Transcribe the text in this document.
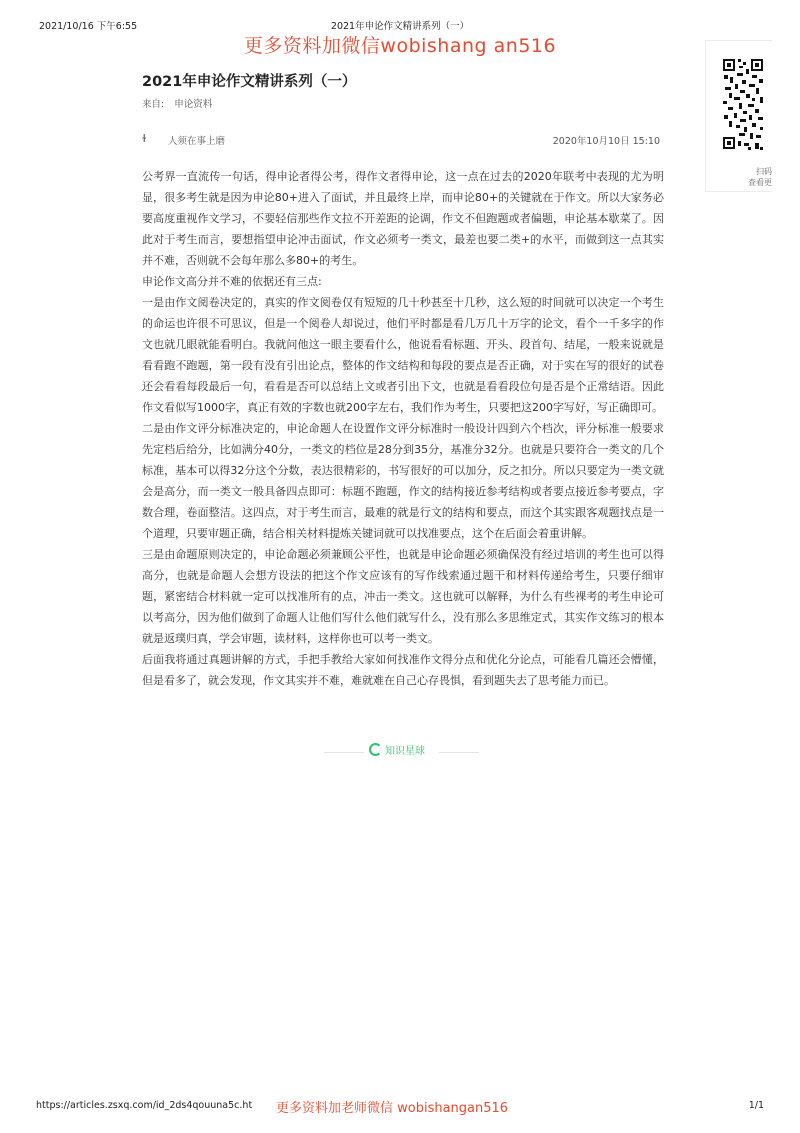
2021/10/16 下午6:55	2021年申论作文精讲系列（一）
更多资料加微信wobishang an516
扫码
查看更
2021年申论作文精讲系列（一）
来自: 申论资料
ɫ	人须在事上磨	2020年10月10日 15:10

公考界一直流传一句话，得申论者得公考，得作文者得申论，这一点在过去的2020年联考中表现的尤为明显，很多考生就是因为申论80+进入了面试，并且最终上岸，而申论80+的关键就在于作文。所以大家务必要高度重视作文学习，不要轻信那些作文拉不开差距的论调，作文不但跑题或者偏题，申论基本歇菜了。因此对于考生而言，要想指望申论冲击面试，作文必须考一类文，最差也要二类+的水平，而做到这一点其实并不难，否则就不会每年那么多80+的考生。

申论作文高分并不难的依据还有三点:

一是由作文阅卷决定的，真实的作文阅卷仅有短短的几十秒甚至十几秒，这么短的时间就可以决定一个考生的命运也许很不可思议，但是一个阅卷人却说过，他们平时都是看几万几十万字的论文，看个一千多字的作文也就几眼就能看明白。我就问他这一眼主要看什么，他说看看标题、开头、段首句、结尾，一般来说就是看看跑不跑题，第一段有没有引出论点，整体的作文结构和每段的要点是否正确，对于实在写的很好的试卷还会看看每段最后一句，看看是否可以总结上文或者引出下文，也就是看看段位句是否是个正常结语。因此作文看似写1000字，真正有效的字数也就200字左右，我们作为考生，只要把这200字写好，写正确即可。

二是由作文评分标准决定的，申论命题人在设置作文评分标准时一般设计四到六个档次，评分标准一般要求先定档后给分，比如满分40分，一类文的档位是28分到35分，基准分32分。也就是只要符合一类文的几个标准，基本可以得32分这个分数，表达很精彩的，书写很好的可以加分，反之扣分。所以只要定为一类文就会是高分，而一类文一般具备四点即可：标题不跑题，作文的结构接近参考结构或者要点接近参考要点，字数合理，卷面整洁。这四点，对于考生而言，最难的就是行文的结构和要点，而这个其实跟客观题找点是一个道理，只要审题正确，结合相关材料提炼关键词就可以找准要点，这个在后面会着重讲解。

三是由命题原则决定的，申论命题必须兼顾公平性，也就是申论命题必须确保没有经过培训的考生也可以得高分，也就是命题人会想方设法的把这个作文应该有的写作线索通过题干和材料传递给考生，只要仔细审题，紧密结合材料就一定可以找准所有的点，冲击一类文。这也就可以解释，为什么有些裸考的考生申论可以考高分，因为他们做到了命题人让他们写什么他们就写什么，没有那么多思维定式，其实作文练习的根本就是返璞归真，学会审题，读材料，这样你也可以考一类文。

后面我将通过真题讲解的方式，手把手教给大家如何找准作文得分点和优化分论点，可能看几篇还会懵懂，但是看多了，就会发现，作文其实并不难，难就难在自己心存畏惧，看到题失去了思考能力而已。

知识星球
https://articles.zsxq.com/id_2ds4qouuna5c.ht 更多资料加老师微信 wobishangan516	1/1
